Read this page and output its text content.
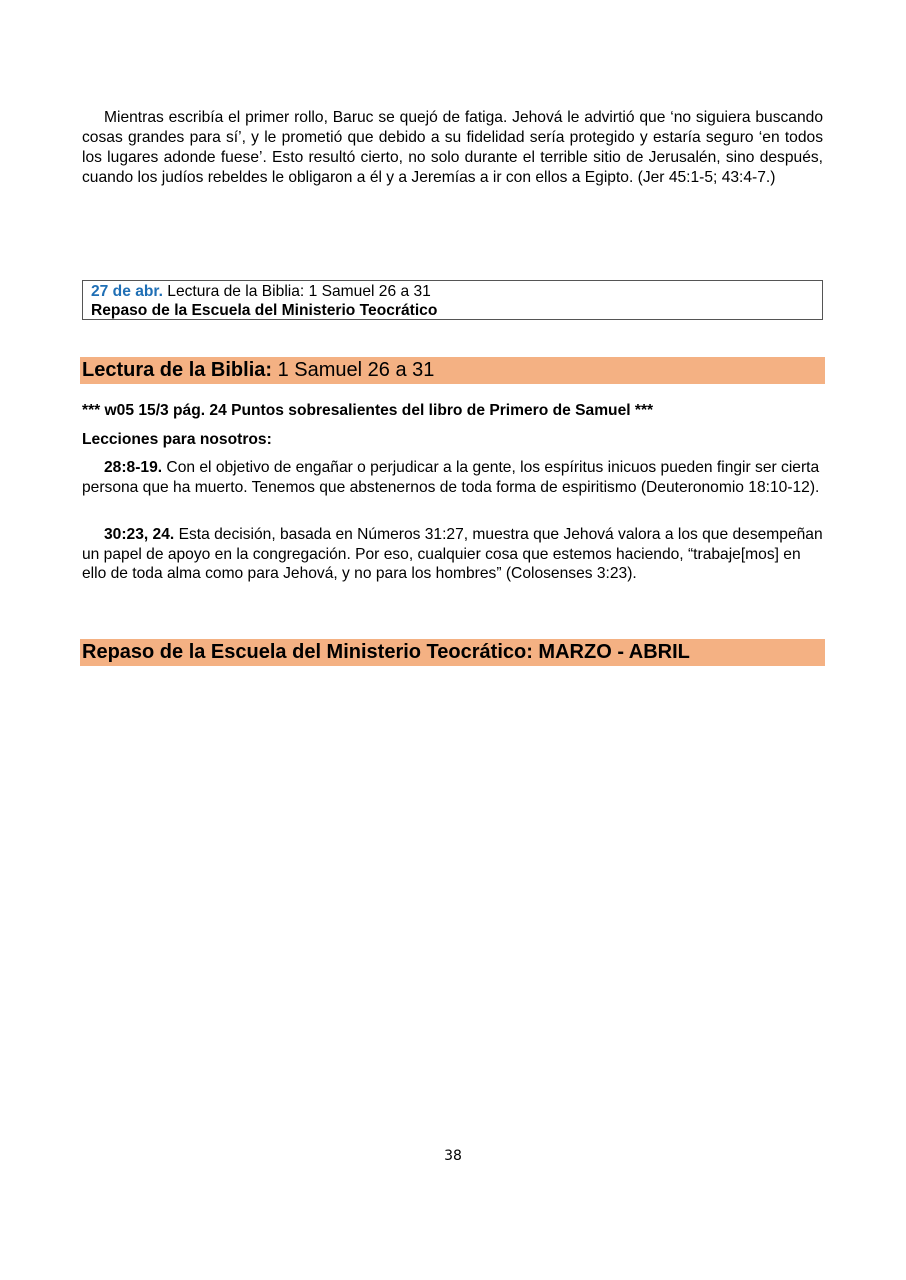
Mientras escribía el primer rollo, Baruc se quejó de fatiga. Jehová le advirtió que ‘no siguiera buscando cosas grandes para sí’, y le prometió que debido a su fidelidad sería protegido y estaría seguro ‘en todos los lugares adonde fuese’. Esto resultó cierto, no solo durante el terrible sitio de Jerusalén, sino después, cuando los judíos rebeldes le obligaron a él y a Jeremías a ir con ellos a Egipto. (Jer 45:1-5; 43:4-7.)

27 de abr. Lectura de la Biblia: 1 Samuel 26 a 31
Repaso de la Escuela del Ministerio Teocrático
Lectura de la Biblia: 1 Samuel 26 a 31
*** w05 15/3 pág. 24 Puntos sobresalientes del libro de Primero de Samuel ***
Lecciones para nosotros:

28:8-19. Con el objetivo de engañar o perjudicar a la gente, los espíritus inicuos pueden fingir ser cierta persona que ha muerto. Tenemos que abstenernos de toda forma de espiritismo (Deuteronomio 18:10-12).

30:23, 24. Esta decisión, basada en Números 31:27, muestra que Jehová valora a los que desempeñan un papel de apoyo en la congregación. Por eso, cualquier cosa que estemos haciendo, “trabaje[mos] en ello de toda alma como para Jehová, y no para los hombres” (Colosenses 3:23).

Repaso de la Escuela del Ministerio Teocrático: MARZO - ABRIL
38
